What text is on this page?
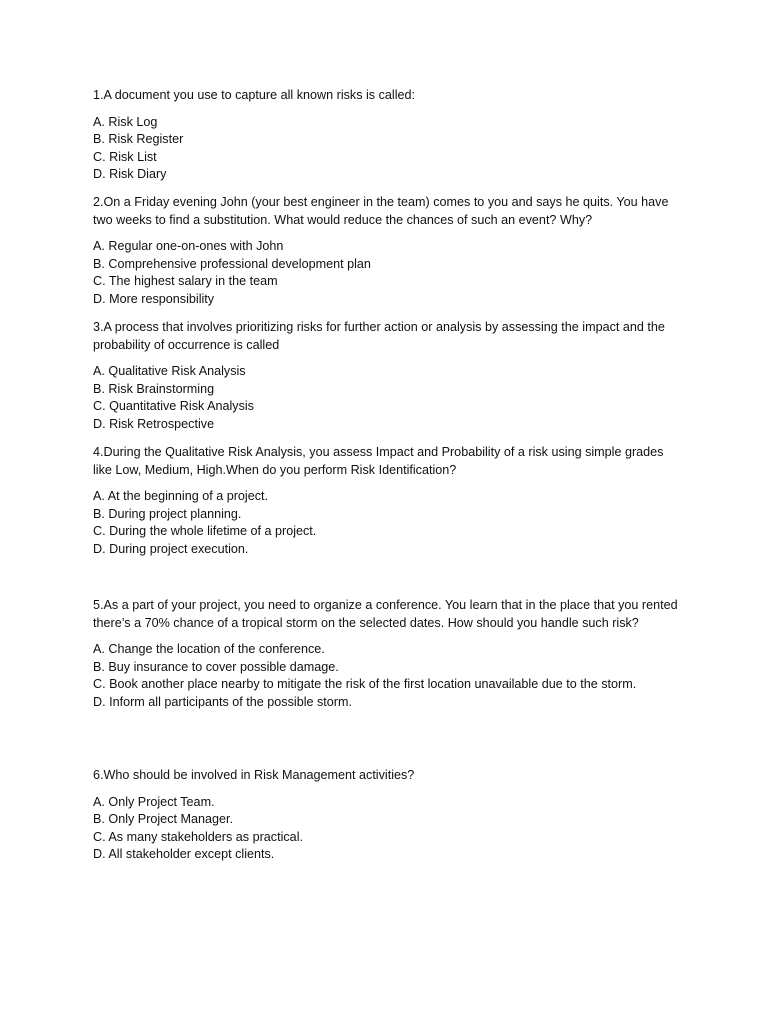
1.A document you use to capture all known risks is called:

A. Risk Log
B. Risk Register
C. Risk List
D. Risk Diary

2.On a Friday evening John (your best engineer in the team) comes to you and says he quits. You have two weeks to find a substitution. What would reduce the chances of such an event? Why?

A. Regular one-on-ones with John
B. Comprehensive professional development plan
C. The highest salary in the team
D. More responsibility

3.A process that involves prioritizing risks for further action or analysis by assessing the impact and the probability of occurrence is called

A. Qualitative Risk Analysis
B. Risk Brainstorming
C. Quantitative Risk Analysis
D. Risk Retrospective

4.During the Qualitative Risk Analysis, you assess Impact and Probability of a risk using simple grades like Low, Medium, High.When do you perform Risk Identification?

A. At the beginning of a project.
B. During project planning.
C. During the whole lifetime of a project.
D. During project execution.

5.As a part of your project, you need to organize a conference. You learn that in the place that you rented there’s a 70% chance of a tropical storm on the selected dates. How should you handle such risk?

A. Change the location of the conference.
B. Buy insurance to cover possible damage.
C. Book another place nearby to mitigate the risk of the first location unavailable due to the storm.
D. Inform all participants of the possible storm.

6.Who should be involved in Risk Management activities?

A. Only Project Team.
B. Only Project Manager.
C. As many stakeholders as practical.
D. All stakeholder except clients.
